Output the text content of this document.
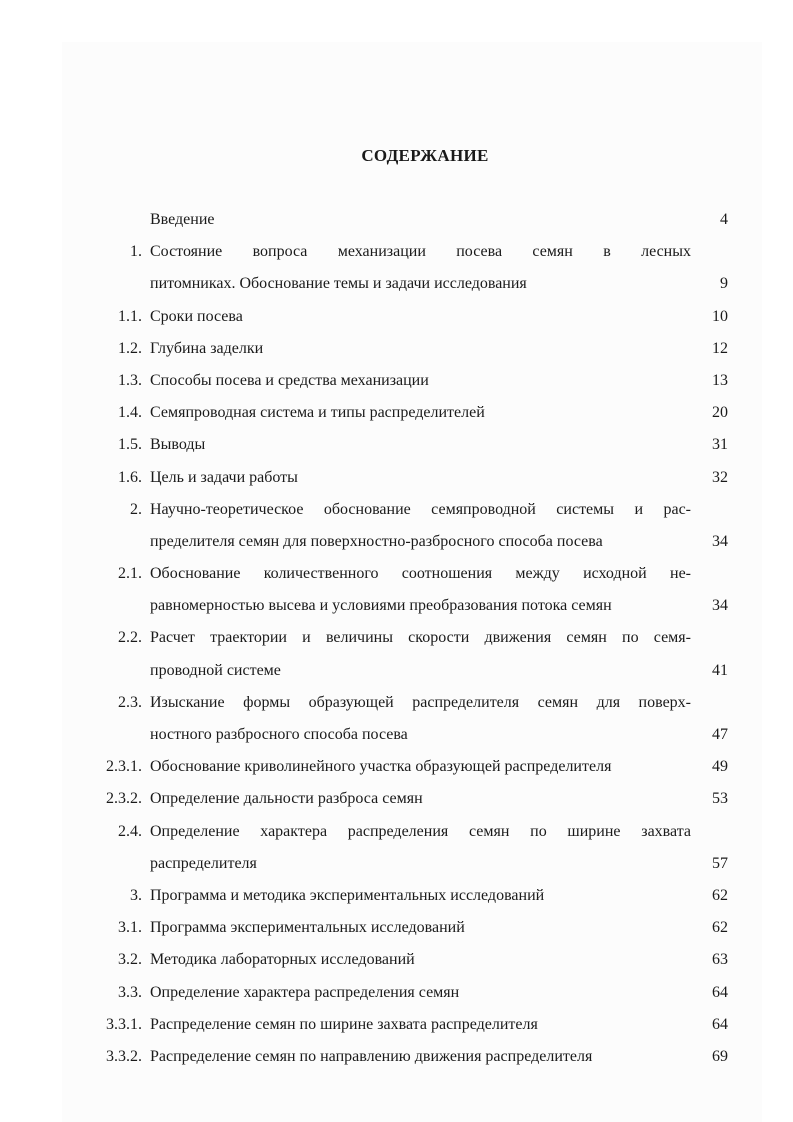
СОДЕРЖАНИЕ
Введение	4
1. Состояние вопроса механизации посева семян в лесных
питомниках. Обоснование темы и задачи исследования	9
1.1. Сроки посева	10
1.2. Глубина заделки	12
1.3. Способы посева и средства механизации	13
1.4. Семяпроводная система и типы распределителей	20
1.5. Выводы	31
1.6. Цель и задачи работы	32
2. Научно-теоретическое обоснование семяпроводной системы и рас-
пределителя семян для поверхностно-разбросного способа посева	34
2.1. Обоснование количественного соотношения между исходной не-
равномерностью высева и условиями преобразования потока семян	34
2.2. Расчет траектории и величины скорости движения семян по семя-
проводной системе	41
2.3. Изыскание формы образующей распределителя семян для поверх-
ностного разбросного способа посева	47
2.3.1. Обоснование криволинейного участка образующей распределителя	49
2.3.2. Определение дальности разброса семян	53
2.4. Определение характера распределения семян по ширине захвата
распределителя	57
3. Программа и методика экспериментальных исследований	62
3.1. Программа экспериментальных исследований	62
3.2. Методика лабораторных исследований	63
3.3. Определение характера распределения семян	64
3.3.1. Распределение семян по ширине захвата распределителя	64
3.3.2. Распределение семян по направлению движения распределителя	69
